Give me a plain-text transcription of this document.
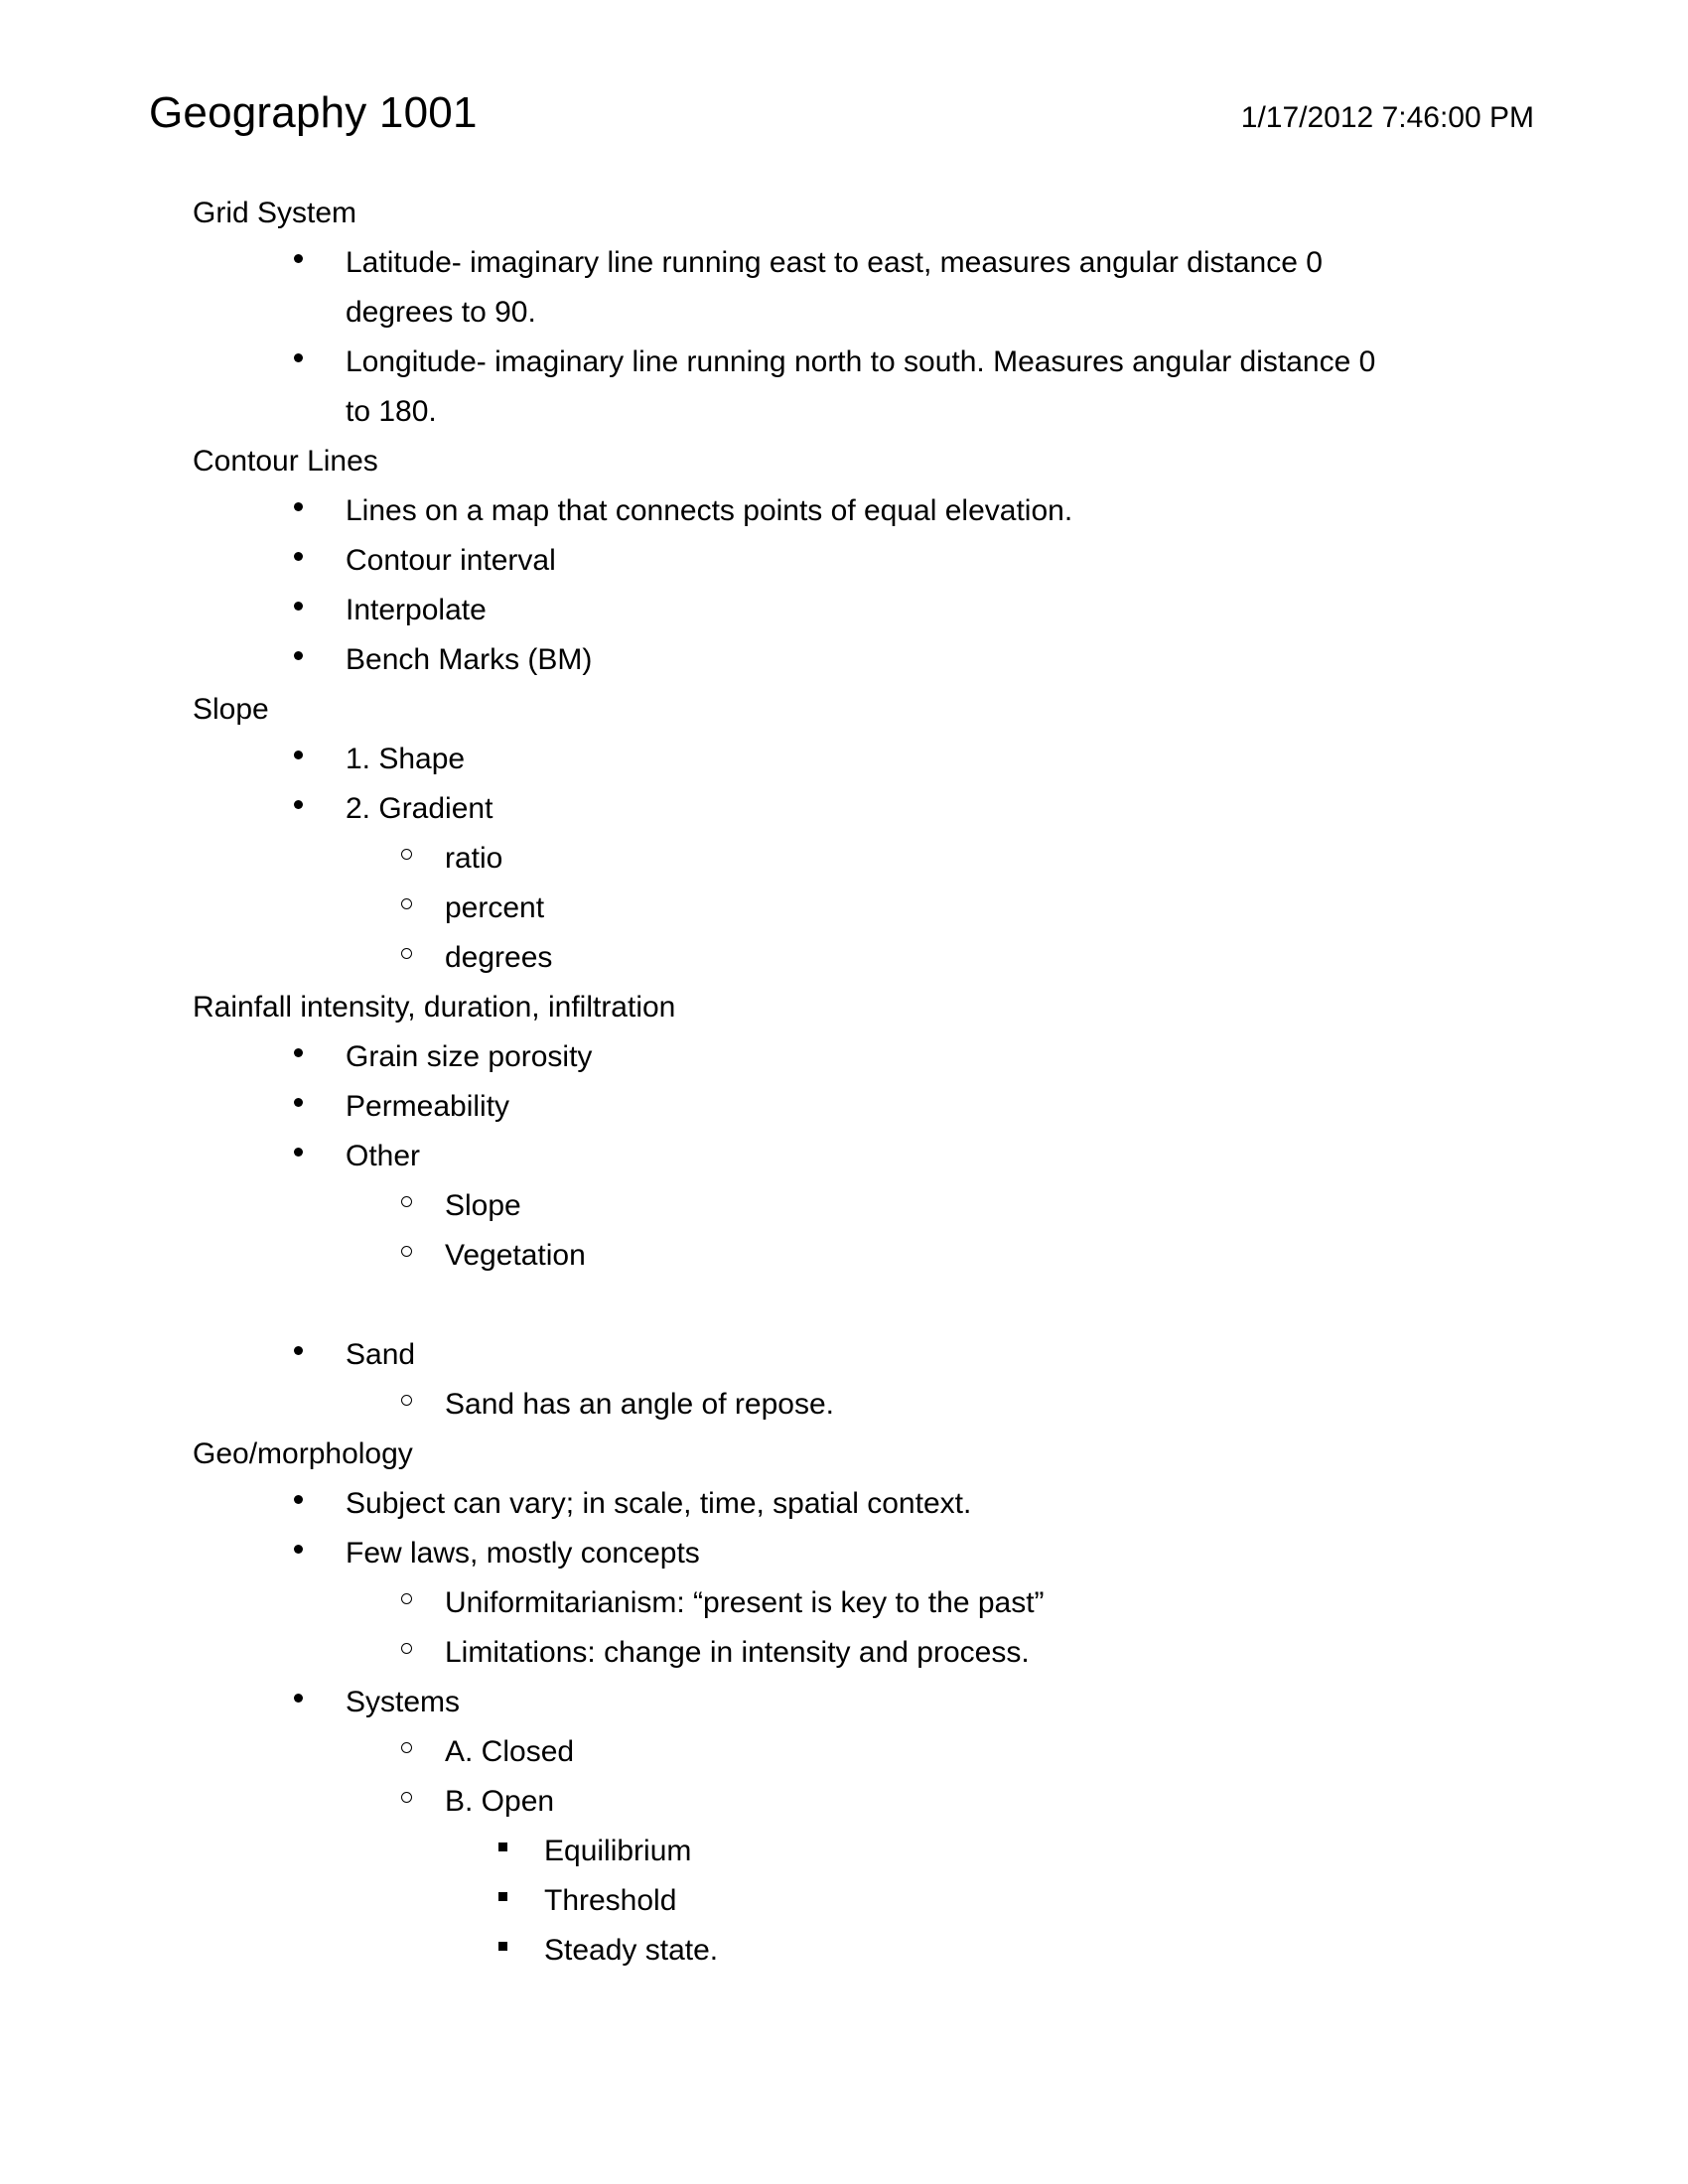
Geography 1001	1/17/2012 7:46:00 PM
Grid System
Latitude- imaginary line running east to east, measures angular distance 0 degrees to 90.
Longitude- imaginary line running north to south. Measures angular distance 0 to 180.
Contour Lines
Lines on a map that connects points of equal elevation.
Contour interval
Interpolate
Bench Marks (BM)
Slope
1. Shape
2. Gradient
ratio
percent
degrees
Rainfall intensity, duration, infiltration
Grain size porosity
Permeability
Other
Slope
Vegetation
Sand
Sand has an angle of repose.
Geo/morphology
Subject can vary; in scale, time, spatial context.
Few laws, mostly concepts
Uniformitarianism: “present is key to the past”
Limitations: change in intensity and process.
Systems
A. Closed
B. Open
Equilibrium
Threshold
Steady state.
